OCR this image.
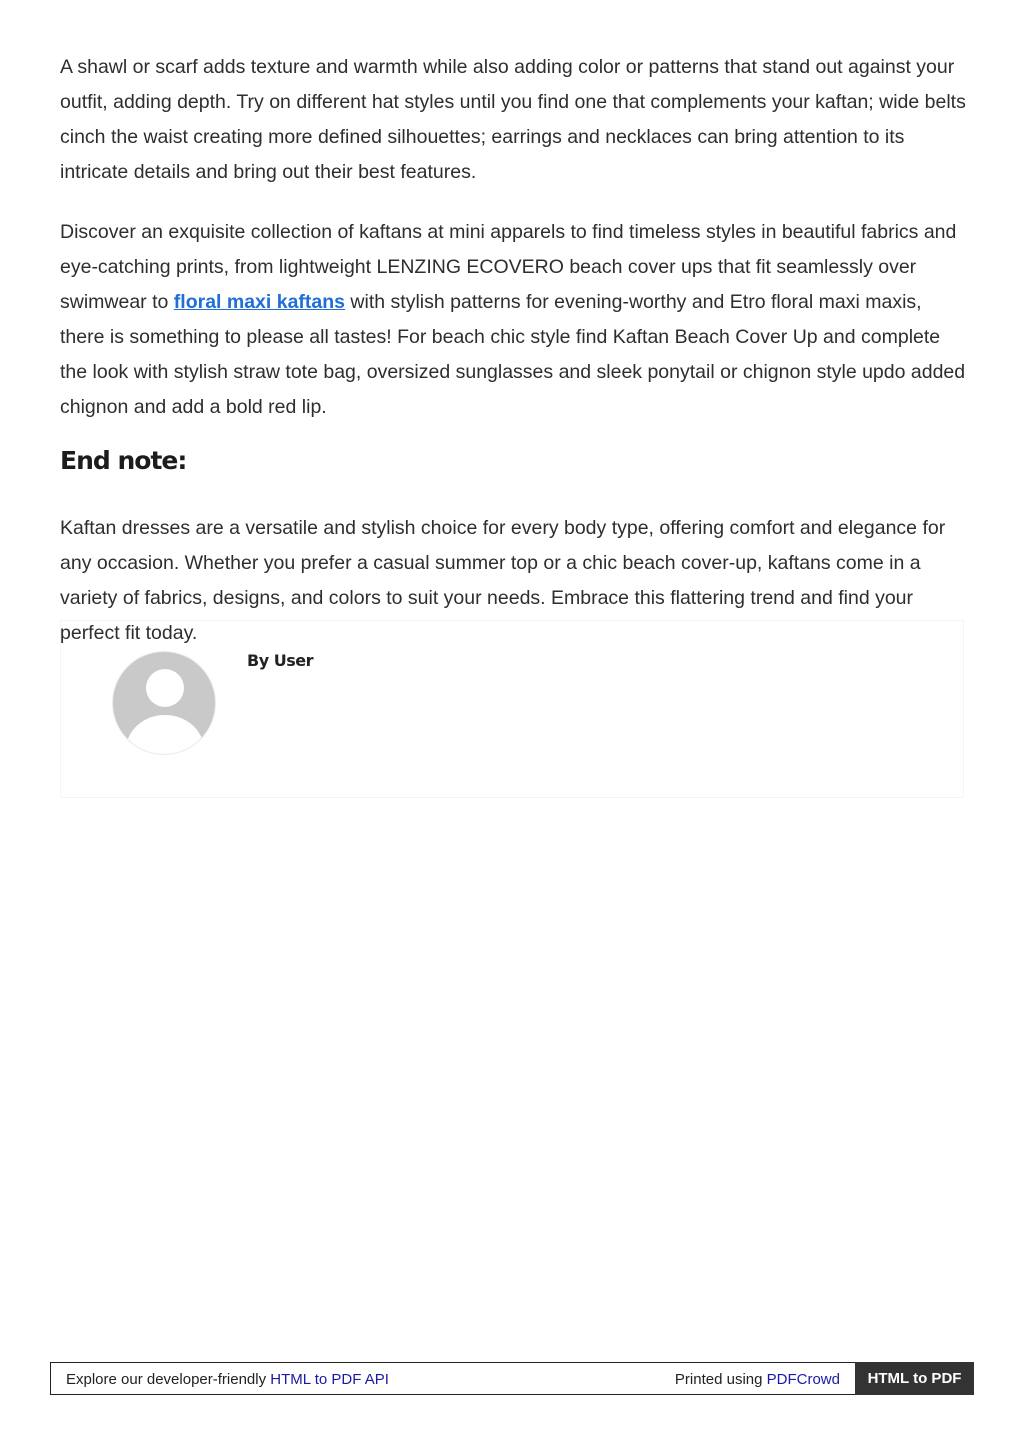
A shawl or scarf adds texture and warmth while also adding color or patterns that stand out against your outfit, adding depth. Try on different hat styles until you find one that complements your kaftan; wide belts cinch the waist creating more defined silhouettes; earrings and necklaces can bring attention to its intricate details and bring out their best features.

Discover an exquisite collection of kaftans at mini apparels to find timeless styles in beautiful fabrics and eye-catching prints, from lightweight LENZING ECOVERO beach cover ups that fit seamlessly over swimwear to floral maxi kaftans with stylish patterns for evening-worthy and Etro floral maxi maxis, there is something to please all tastes! For beach chic style find Kaftan Beach Cover Up and complete the look with stylish straw tote bag, oversized sunglasses and sleek ponytail or chignon style updo added chignon and add a bold red lip.

End note:

Kaftan dresses are a versatile and stylish choice for every body type, offering comfort and elegance for any occasion. Whether you prefer a casual summer top or a chic beach cover-up, kaftans come in a variety of fabrics, designs, and colors to suit your needs. Embrace this flattering trend and find your perfect fit today.

By User
Explore our developer-friendly HTML to PDF API	Printed using PDFCrowd	HTML to PDF
